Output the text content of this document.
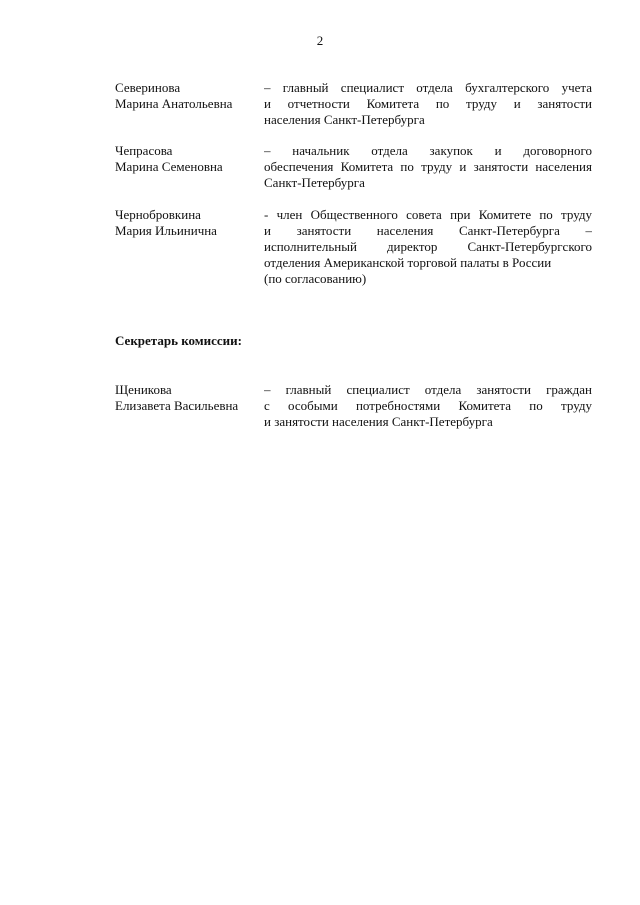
2
Северинова
Марина Анатольевна
– главный специалист отдела бухгалтерского учета
и отчетности Комитета по труду и занятости
населения Санкт-Петербурга
Чепрасова
Марина Семеновна
– начальник отдела закупок и договорного
обеспечения Комитета по труду и занятости населения
Санкт-Петербурга
Чернобровкина
Мария Ильинична
- член Общественного совета при Комитете по труду
и занятости населения Санкт-Петербурга –
исполнительный директор Санкт-Петербургского
отделения Американской торговой палаты в России
(по согласованию)
Секретарь комиссии:
Щеникова
Елизавета Васильевна
– главный специалист отдела занятости граждан
с особыми потребностями Комитета по труду
и занятости населения Санкт-Петербурга
